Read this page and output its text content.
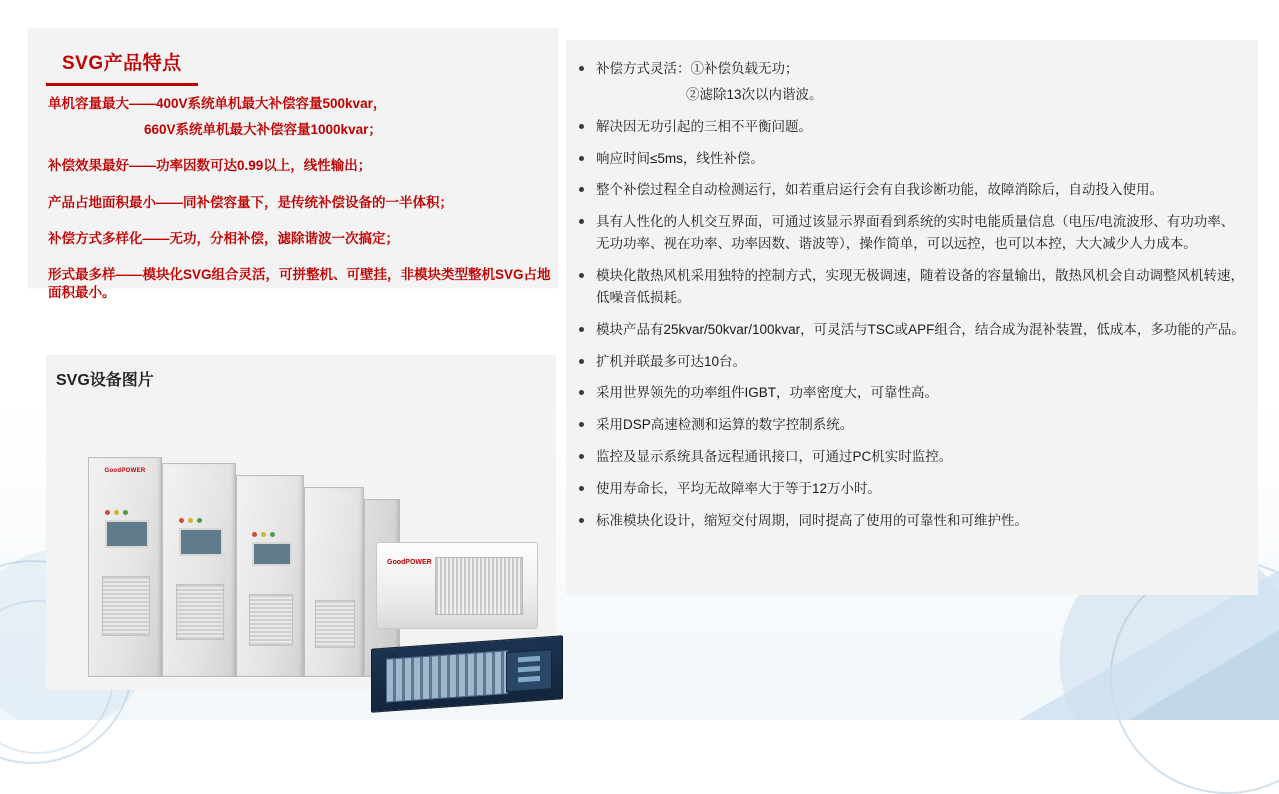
SVG产品特点
单机容量最大——400V系统单机最大补偿容量500kvar，
660V系统单机最大补偿容量1000kvar；
补偿效果最好——功率因数可达0.99以上，线性输出；
产品占地面积最小——同补偿容量下，是传统补偿设备的一半体积；
补偿方式多样化——无功，分相补偿，滤除谐波一次搞定；
形式最多样——模块化SVG组合灵活，可拼整机、可壁挂，非模块类型整机SVG占地面积最小。
SVG设备图片
GoodPOWER
GoodPOWER
补偿方式灵活：①补偿负载无功；
②滤除13次以内谐波。
解决因无功引起的三相不平衡问题。
响应时间≤5ms，线性补偿。
整个补偿过程全自动检测运行，如若重启运行会有自我诊断功能，故障消除后，自动投入使用。
具有人性化的人机交互界面，可通过该显示界面看到系统的实时电能质量信息（电压/电流波形、有功功率、无功功率、视在功率、功率因数、谐波等），操作简单，可以远控，也可以本控，大大减少人力成本。
模块化散热风机采用独特的控制方式，实现无极调速，随着设备的容量输出，散热风机会自动调整风机转速，低噪音低损耗。
模块产品有25kvar/50kvar/100kvar，可灵活与TSC或APF组合，结合成为混补装置，低成本，多功能的产品。
扩机并联最多可达10台。
采用世界领先的功率组件IGBT，功率密度大，可靠性高。
采用DSP高速检测和运算的数字控制系统。
监控及显示系统具备远程通讯接口，可通过PC机实时监控。
使用寿命长，平均无故障率大于等于12万小时。
标准模块化设计，缩短交付周期，同时提高了使用的可靠性和可维护性。
